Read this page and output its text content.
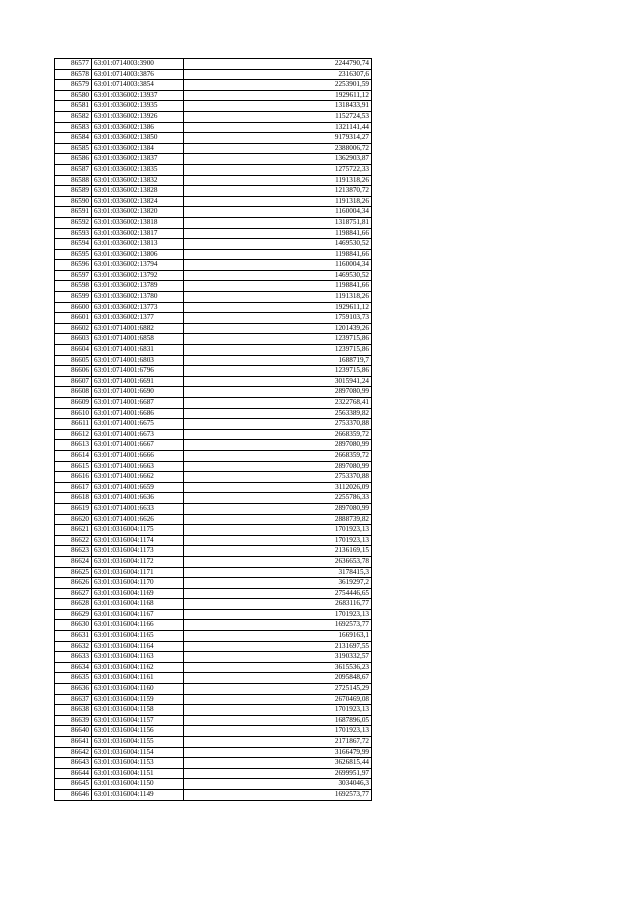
86577	63:01:0714003:3900	2244790,74
86578	63:01:0714003:3876	2316307,6
86579	63:01:0714003:3854	2253901,59
86580	63:01:0336002:13937	1929611,12
86581	63:01:0336002:13935	1318433,91
86582	63:01:0336002:13926	1152724,53
86583	63:01:0336002:1386	1321141,44
86584	63:01:0336002:13850	9179314,27
86585	63:01:0336002:1384	2388006,72
86586	63:01:0336002:13837	1362903,87
86587	63:01:0336002:13835	1275722,33
86588	63:01:0336002:13832	1191318,26
86589	63:01:0336002:13828	1213870,72
86590	63:01:0336002:13824	1191318,26
86591	63:01:0336002:13820	1160004,34
86592	63:01:0336002:13818	1318751,81
86593	63:01:0336002:13817	1198841,66
86594	63:01:0336002:13813	1469530,52
86595	63:01:0336002:13806	1198841,66
86596	63:01:0336002:13794	1160004,34
86597	63:01:0336002:13792	1469530,52
86598	63:01:0336002:13789	1198841,66
86599	63:01:0336002:13780	1191318,26
86600	63:01:0336002:13773	1929611,12
86601	63:01:0336002:1377	1759103,73
86602	63:01:0714001:6882	1201439,26
86603	63:01:0714001:6858	1239715,86
86604	63:01:0714001:6831	1239715,86
86605	63:01:0714001:6803	1688719,7
86606	63:01:0714001:6796	1239715,86
86607	63:01:0714001:6691	3015941,24
86608	63:01:0714001:6690	2897080,99
86609	63:01:0714001:6687	2322768,41
86610	63:01:0714001:6686	2563389,82
86611	63:01:0714001:6675	2753370,88
86612	63:01:0714001:6673	2668359,72
86613	63:01:0714001:6667	2897080,99
86614	63:01:0714001:6666	2668359,72
86615	63:01:0714001:6663	2897080,99
86616	63:01:0714001:6662	2753370,88
86617	63:01:0714001:6659	3112026,09
86618	63:01:0714001:6636	2255786,33
86619	63:01:0714001:6633	2897080,99
86620	63:01:0714001:6626	2888739,82
86621	63:01:0316004:1175	1701923,13
86622	63:01:0316004:1174	1701923,13
86623	63:01:0316004:1173	2136169,15
86624	63:01:0316004:1172	2636653,78
86625	63:01:0316004:1171	3178415,3
86626	63:01:0316004:1170	3619297,2
86627	63:01:0316004:1169	2754446,65
86628	63:01:0316004:1168	2683116,77
86629	63:01:0316004:1167	1701923,13
86630	63:01:0316004:1166	1692573,77
86631	63:01:0316004:1165	1669163,1
86632	63:01:0316004:1164	2131697,55
86633	63:01:0316004:1163	3190332,57
86634	63:01:0316004:1162	3615536,23
86635	63:01:0316004:1161	2095848,67
86636	63:01:0316004:1160	2725145,29
86637	63:01:0316004:1159	2670469,08
86638	63:01:0316004:1158	1701923,13
86639	63:01:0316004:1157	1687896,05
86640	63:01:0316004:1156	1701923,13
86641	63:01:0316004:1155	2171867,72
86642	63:01:0316004:1154	3166479,99
86643	63:01:0316004:1153	3626815,44
86644	63:01:0316004:1151	2699951,97
86645	63:01:0316004:1150	3034046,3
86646	63:01:0316004:1149	1692573,77
